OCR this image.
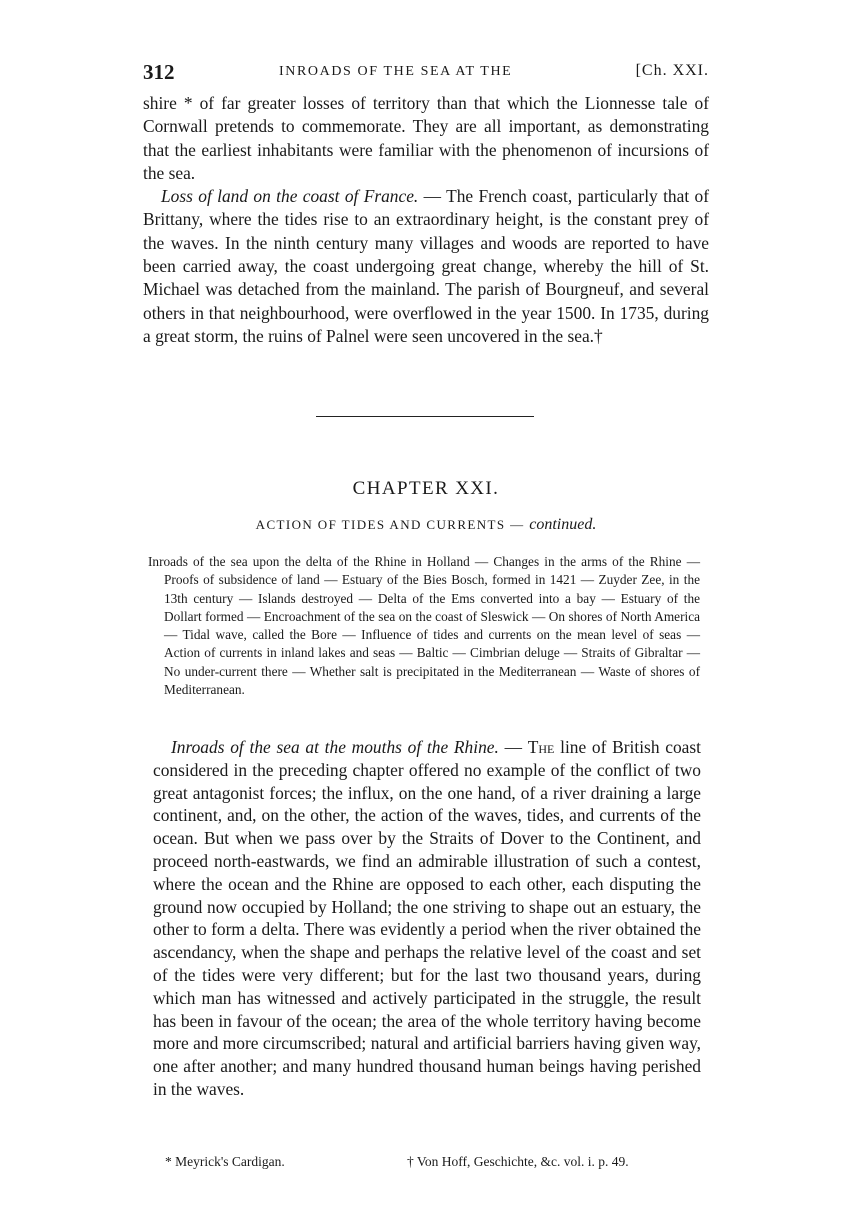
312	INROADS OF THE SEA AT THE	[Ch. XXI.

shire * of far greater losses of territory than that which the Lionnesse tale of Cornwall pretends to commemorate. They are all important, as demonstrating that the earliest inhabitants were familiar with the phenomenon of incursions of the sea.

Loss of land on the coast of France. — The French coast, particularly that of Brittany, where the tides rise to an extraordinary height, is the constant prey of the waves. In the ninth century many villages and woods are reported to have been carried away, the coast undergoing great change, whereby the hill of St. Michael was detached from the mainland. The parish of Bourgneuf, and several others in that neighbourhood, were overflowed in the year 1500. In 1735, during a great storm, the ruins of Palnel were seen uncovered in the sea.†

CHAPTER XXI.
ACTION OF TIDES AND CURRENTS — continued.
Inroads of the sea upon the delta of the Rhine in Holland — Changes in the arms of the Rhine — Proofs of subsidence of land — Estuary of the Bies Bosch, formed in 1421 — Zuyder Zee, in the 13th century — Islands destroyed — Delta of the Ems converted into a bay — Estuary of the Dollart formed — Encroachment of the sea on the coast of Sleswick — On shores of North America — Tidal wave, called the Bore — Influence of tides and currents on the mean level of seas — Action of currents in inland lakes and seas — Baltic — Cimbrian deluge — Straits of Gibraltar — No under-current there — Whether salt is precipitated in the Mediterranean — Waste of shores of Mediterranean.

Inroads of the sea at the mouths of the Rhine. — The line of British coast considered in the preceding chapter offered no example of the conflict of two great antagonist forces; the influx, on the one hand, of a river draining a large continent, and, on the other, the action of the waves, tides, and currents of the ocean. But when we pass over by the Straits of Dover to the Continent, and proceed north-eastwards, we find an admirable illustration of such a contest, where the ocean and the Rhine are opposed to each other, each disputing the ground now occupied by Holland; the one striving to shape out an estuary, the other to form a delta. There was evidently a period when the river obtained the ascendancy, when the shape and perhaps the relative level of the coast and set of the tides were very different; but for the last two thousand years, during which man has witnessed and actively participated in the struggle, the result has been in favour of the ocean; the area of the whole territory having become more and more circumscribed; natural and artificial barriers having given way, one after another; and many hundred thousand human beings having perished in the waves.

* Meyrick's Cardigan.	† Von Hoff, Geschichte, &c. vol. i. p. 49.
